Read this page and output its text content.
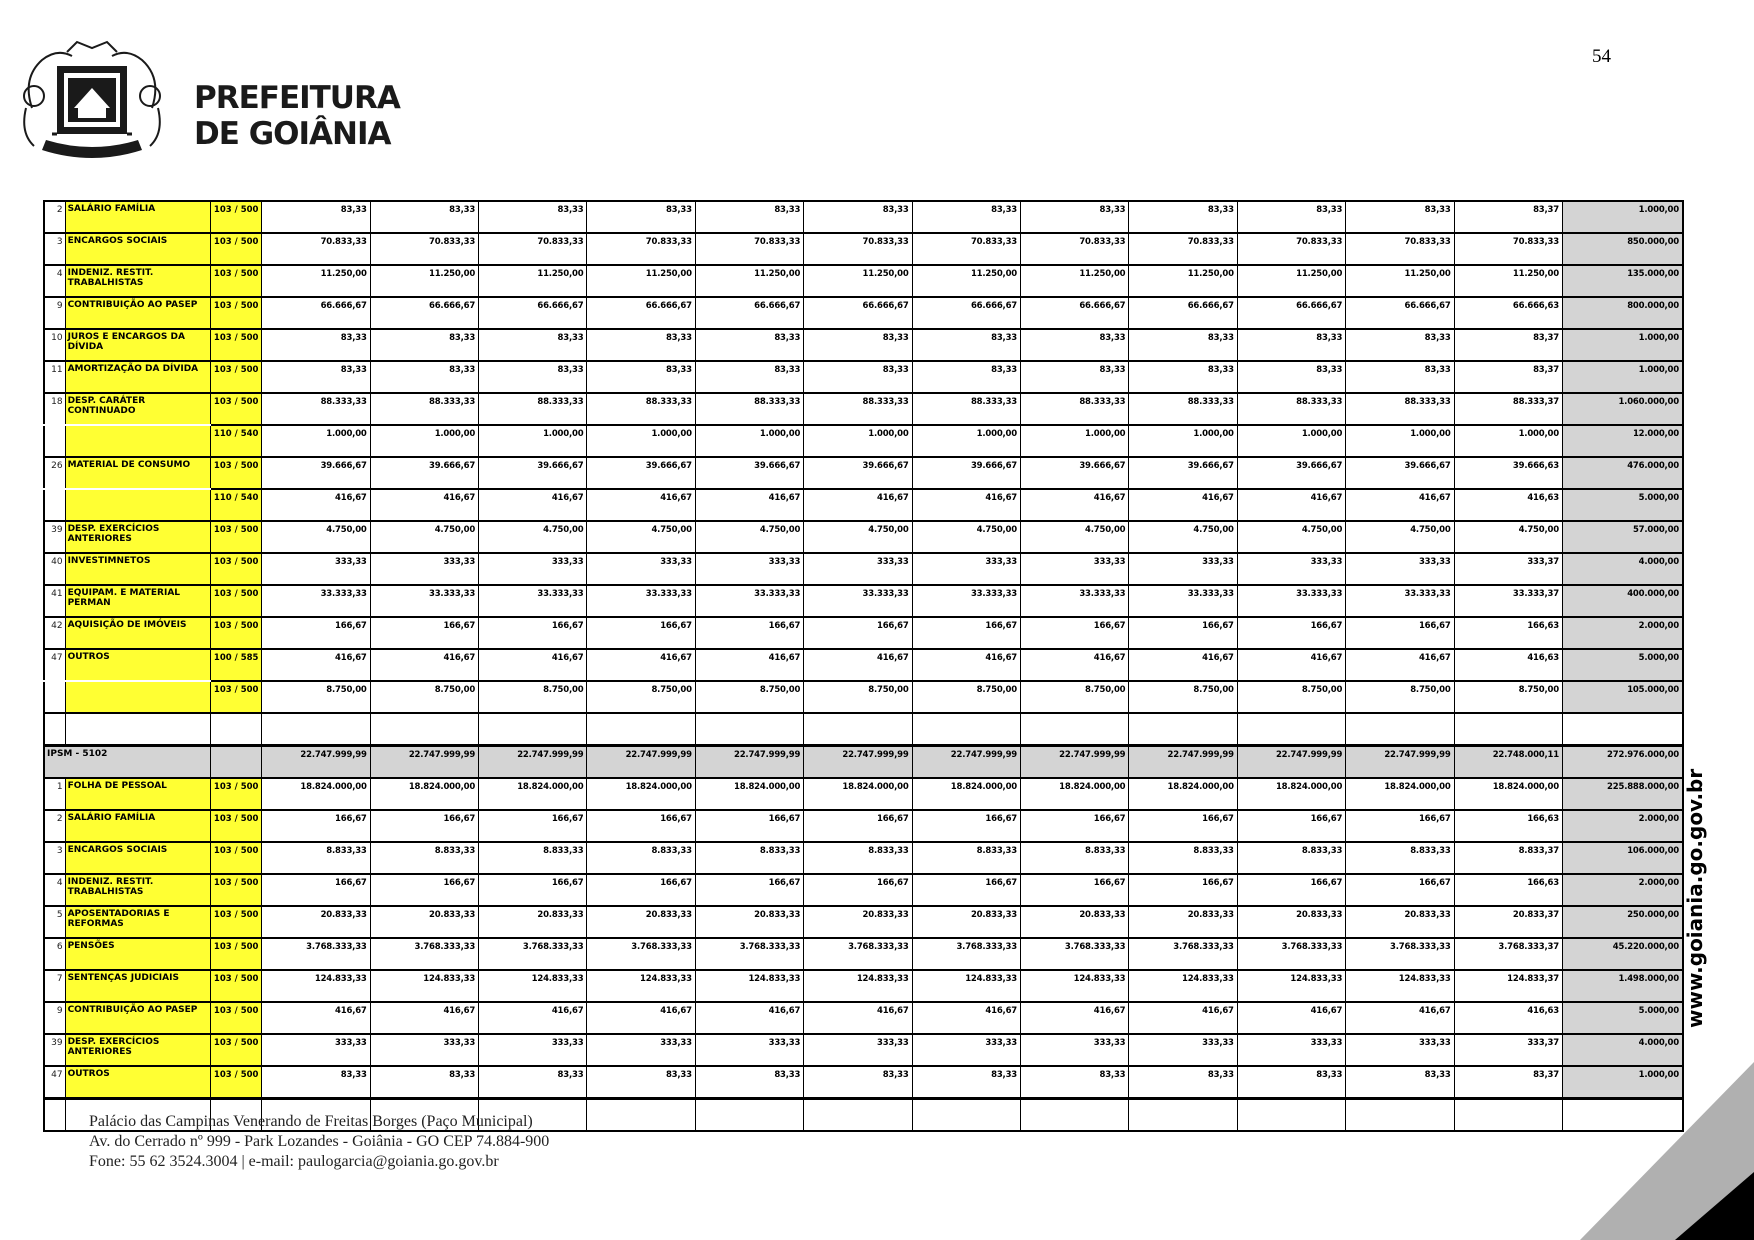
54
PREFEITURA
DE GOIÂNIA
2	SALÁRIO FAMÍLIA	103 / 500	83,33	83,33	83,33	83,33	83,33	83,33	83,33	83,33	83,33	83,33	83,33	83,37	1.000,00
3	ENCARGOS SOCIAIS	103 / 500	70.833,33	70.833,33	70.833,33	70.833,33	70.833,33	70.833,33	70.833,33	70.833,33	70.833,33	70.833,33	70.833,33	70.833,33	850.000,00
4	INDENIZ. RESTIT. TRABALHISTAS	103 / 500	11.250,00	11.250,00	11.250,00	11.250,00	11.250,00	11.250,00	11.250,00	11.250,00	11.250,00	11.250,00	11.250,00	11.250,00	135.000,00
9	CONTRIBUIÇÃO AO PASEP	103 / 500	66.666,67	66.666,67	66.666,67	66.666,67	66.666,67	66.666,67	66.666,67	66.666,67	66.666,67	66.666,67	66.666,67	66.666,63	800.000,00
10	JUROS E ENCARGOS DA DÍVIDA	103 / 500	83,33	83,33	83,33	83,33	83,33	83,33	83,33	83,33	83,33	83,33	83,33	83,37	1.000,00
11	AMORTIZAÇÃO DA DÍVIDA	103 / 500	83,33	83,33	83,33	83,33	83,33	83,33	83,33	83,33	83,33	83,33	83,33	83,37	1.000,00
18	DESP. CARÁTER CONTINUADO	103 / 500	88.333,33	88.333,33	88.333,33	88.333,33	88.333,33	88.333,33	88.333,33	88.333,33	88.333,33	88.333,33	88.333,33	88.333,37	1.060.000,00
		110 / 540	1.000,00	1.000,00	1.000,00	1.000,00	1.000,00	1.000,00	1.000,00	1.000,00	1.000,00	1.000,00	1.000,00	1.000,00	12.000,00
26	MATERIAL DE CONSUMO	103 / 500	39.666,67	39.666,67	39.666,67	39.666,67	39.666,67	39.666,67	39.666,67	39.666,67	39.666,67	39.666,67	39.666,67	39.666,63	476.000,00
		110 / 540	416,67	416,67	416,67	416,67	416,67	416,67	416,67	416,67	416,67	416,67	416,67	416,63	5.000,00
39	DESP. EXERCÍCIOS ANTERIORES	103 / 500	4.750,00	4.750,00	4.750,00	4.750,00	4.750,00	4.750,00	4.750,00	4.750,00	4.750,00	4.750,00	4.750,00	4.750,00	57.000,00
40	INVESTIMNETOS	103 / 500	333,33	333,33	333,33	333,33	333,33	333,33	333,33	333,33	333,33	333,33	333,33	333,37	4.000,00
41	EQUIPAM. E MATERIAL PERMAN	103 / 500	33.333,33	33.333,33	33.333,33	33.333,33	33.333,33	33.333,33	33.333,33	33.333,33	33.333,33	33.333,33	33.333,33	33.333,37	400.000,00
42	AQUISIÇÃO DE IMÓVEIS	103 / 500	166,67	166,67	166,67	166,67	166,67	166,67	166,67	166,67	166,67	166,67	166,67	166,63	2.000,00
47	OUTROS	100 / 585	416,67	416,67	416,67	416,67	416,67	416,67	416,67	416,67	416,67	416,67	416,67	416,63	5.000,00
		103 / 500	8.750,00	8.750,00	8.750,00	8.750,00	8.750,00	8.750,00	8.750,00	8.750,00	8.750,00	8.750,00	8.750,00	8.750,00	105.000,00

IPSM - 5102			22.747.999,99	22.747.999,99	22.747.999,99	22.747.999,99	22.747.999,99	22.747.999,99	22.747.999,99	22.747.999,99	22.747.999,99	22.747.999,99	22.747.999,99	22.748.000,11	272.976.000,00
1	FOLHA DE PESSOAL	103 / 500	18.824.000,00	18.824.000,00	18.824.000,00	18.824.000,00	18.824.000,00	18.824.000,00	18.824.000,00	18.824.000,00	18.824.000,00	18.824.000,00	18.824.000,00	18.824.000,00	225.888.000,00
2	SALÁRIO FAMÍLIA	103 / 500	166,67	166,67	166,67	166,67	166,67	166,67	166,67	166,67	166,67	166,67	166,67	166,63	2.000,00
3	ENCARGOS SOCIAIS	103 / 500	8.833,33	8.833,33	8.833,33	8.833,33	8.833,33	8.833,33	8.833,33	8.833,33	8.833,33	8.833,33	8.833,33	8.833,37	106.000,00
4	INDENIZ. RESTIT. TRABALHISTAS	103 / 500	166,67	166,67	166,67	166,67	166,67	166,67	166,67	166,67	166,67	166,67	166,67	166,63	2.000,00
5	APOSENTADORIAS E REFORMAS	103 / 500	20.833,33	20.833,33	20.833,33	20.833,33	20.833,33	20.833,33	20.833,33	20.833,33	20.833,33	20.833,33	20.833,33	20.833,37	250.000,00
6	PENSÕES	103 / 500	3.768.333,33	3.768.333,33	3.768.333,33	3.768.333,33	3.768.333,33	3.768.333,33	3.768.333,33	3.768.333,33	3.768.333,33	3.768.333,33	3.768.333,33	3.768.333,37	45.220.000,00
7	SENTENÇAS JUDICIAIS	103 / 500	124.833,33	124.833,33	124.833,33	124.833,33	124.833,33	124.833,33	124.833,33	124.833,33	124.833,33	124.833,33	124.833,33	124.833,37	1.498.000,00
9	CONTRIBUIÇÃO AO PASEP	103 / 500	416,67	416,67	416,67	416,67	416,67	416,67	416,67	416,67	416,67	416,67	416,67	416,63	5.000,00
39	DESP. EXERCÍCIOS ANTERIORES	103 / 500	333,33	333,33	333,33	333,33	333,33	333,33	333,33	333,33	333,33	333,33	333,33	333,37	4.000,00
47	OUTROS	103 / 500	83,33	83,33	83,33	83,33	83,33	83,33	83,33	83,33	83,33	83,33	83,33	83,37	1.000,00

Palácio das Campinas Venerando de Freitas Borges (Paço Municipal)
Av. do Cerrado nº 999 - Park Lozandes - Goiânia - GO CEP 74.884-900
Fone: 55 62 3524.3004 | e-mail: paulogarcia@goiania.go.gov.br
www.goiania.go.gov.br
